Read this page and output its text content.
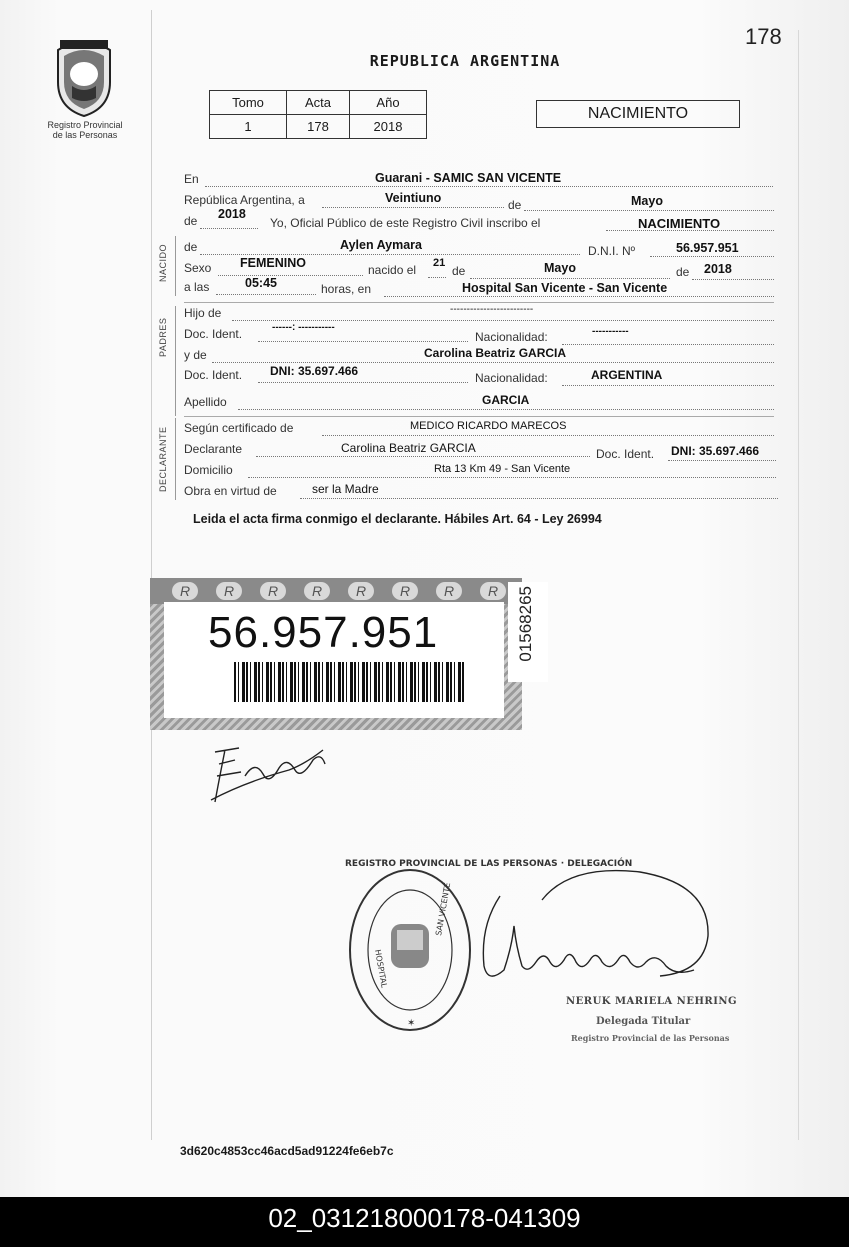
178
Registro Provincial
de las Personas
REPUBLICA ARGENTINA
Tomo	Acta	Año
1	178	2018
NACIMIENTO
NACIDO
PADRES
DECLARANTE
En	Guarani - SAMIC SAN VICENTE
República Argentina, a	Veintiuno	de	Mayo
de 2018
Yo, Oficial Público de este Registro Civil inscribo el	NACIMIENTO
de	Aylen Aymara	D.N.I. Nº	56.957.951
Sexo FEMENINO	nacido el 21
de	Mayo	de 2018
a las	05:45	horas, en	Hospital San Vicente - San Vicente
Hijo de	-------------------------
Doc. Ident.	------: -----------
Nacionalidad:	-----------
y de	Carolina Beatriz GARCIA
Doc. Ident. DNI: 35.697.466	Nacionalidad:	ARGENTINA
Apellido	GARCIA
Según certificado de	MEDICO RICARDO MARECOS
Declarante	Carolina Beatriz GARCIA	Doc. Ident. DNI: 35.697.466
Domicilio	Rta 13 Km 49 - San Vicente
Obra en virtud de	ser la Madre
Leida el acta firma conmigo el declarante. Hábiles Art. 64 - Ley 26994
R	R	R	R	R	R	R	R
56.957.951	01568265
REGISTRO PROVINCIAL DE LAS PERSONAS · DELEGACIÓN
HOSPITAL
SAN VICENTE
✶
NERUK MARIELA NEHRING
Delegada Titular
Registro Provincial de las Personas
3d620c4853cc46acd5ad91224fe6eb7c
02_031218000178-041309
